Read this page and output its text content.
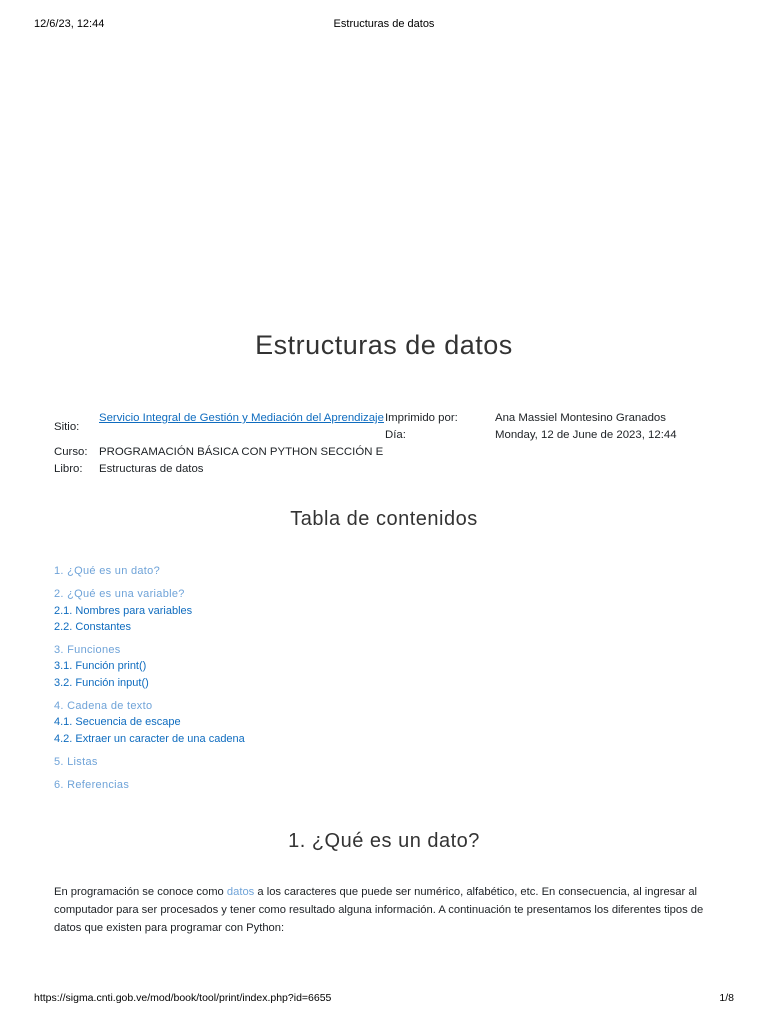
12/6/23, 12:44	Estructuras de datos
Estructuras de datos
Sitio:
Servicio Integral de Gestión y Mediación del Aprendizaje
Curso: PROGRAMACIÓN BÁSICA CON PYTHON SECCIÓN E
Libro: Estructuras de datos
Imprimido por:	Ana Massiel Montesino Granados
Día:	Monday, 12 de June de 2023, 12:44
Tabla de contenidos
1. ¿Qué es un dato?
2. ¿Qué es una variable?
2.1. Nombres para variables
2.2. Constantes
3. Funciones
3.1. Función print()
3.2. Función input()
4. Cadena de texto
4.1. Secuencia de escape
4.2. Extraer un caracter de una cadena
5. Listas
6. Referencias
1. ¿Qué es un dato?

En programación se conoce como datos a los caracteres que puede ser numérico, alfabético, etc. En consecuencia, al ingresar al computador para ser procesados y tener como resultado alguna información. A continuación te presentamos los diferentes tipos de datos que existen para programar con Python:

https://sigma.cnti.gob.ve/mod/book/tool/print/index.php?id=6655	1/8
